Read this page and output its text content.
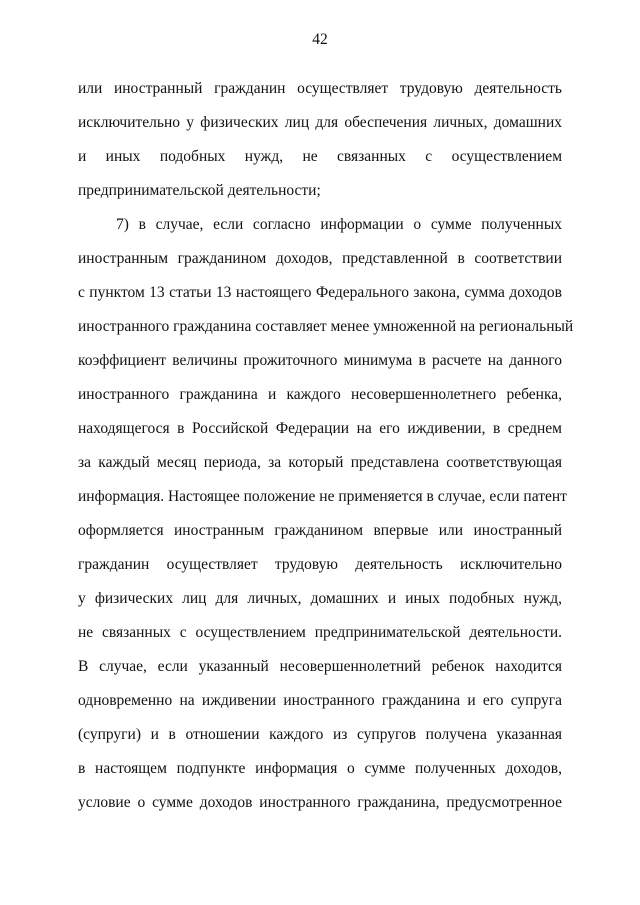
42
или иностранный гражданин осуществляет трудовую деятельность
исключительно у физических лиц для обеспечения личных, домашних
и иных подобных нужд, не связанных с осуществлением
предпринимательской деятельности;
7) в случае, если согласно информации о сумме полученных
иностранным гражданином доходов, представленной в соответствии
с пунктом 13 статьи 13 настоящего Федерального закона, сумма доходов
иностранного гражданина составляет менее умноженной на региональный
коэффициент величины прожиточного минимума в расчете на данного
иностранного гражданина и каждого несовершеннолетнего ребенка,
находящегося в Российской Федерации на его иждивении, в среднем
за каждый месяц периода, за который представлена соответствующая
информация. Настоящее положение не применяется в случае, если патент
оформляется иностранным гражданином впервые или иностранный
гражданин осуществляет трудовую деятельность исключительно
у физических лиц для личных, домашних и иных подобных нужд,
не связанных с осуществлением предпринимательской деятельности.
В случае, если указанный несовершеннолетний ребенок находится
одновременно на иждивении иностранного гражданина и его супруга
(супруги) и в отношении каждого из супругов получена указанная
в настоящем подпункте информация о сумме полученных доходов,
условие о сумме доходов иностранного гражданина, предусмотренное
